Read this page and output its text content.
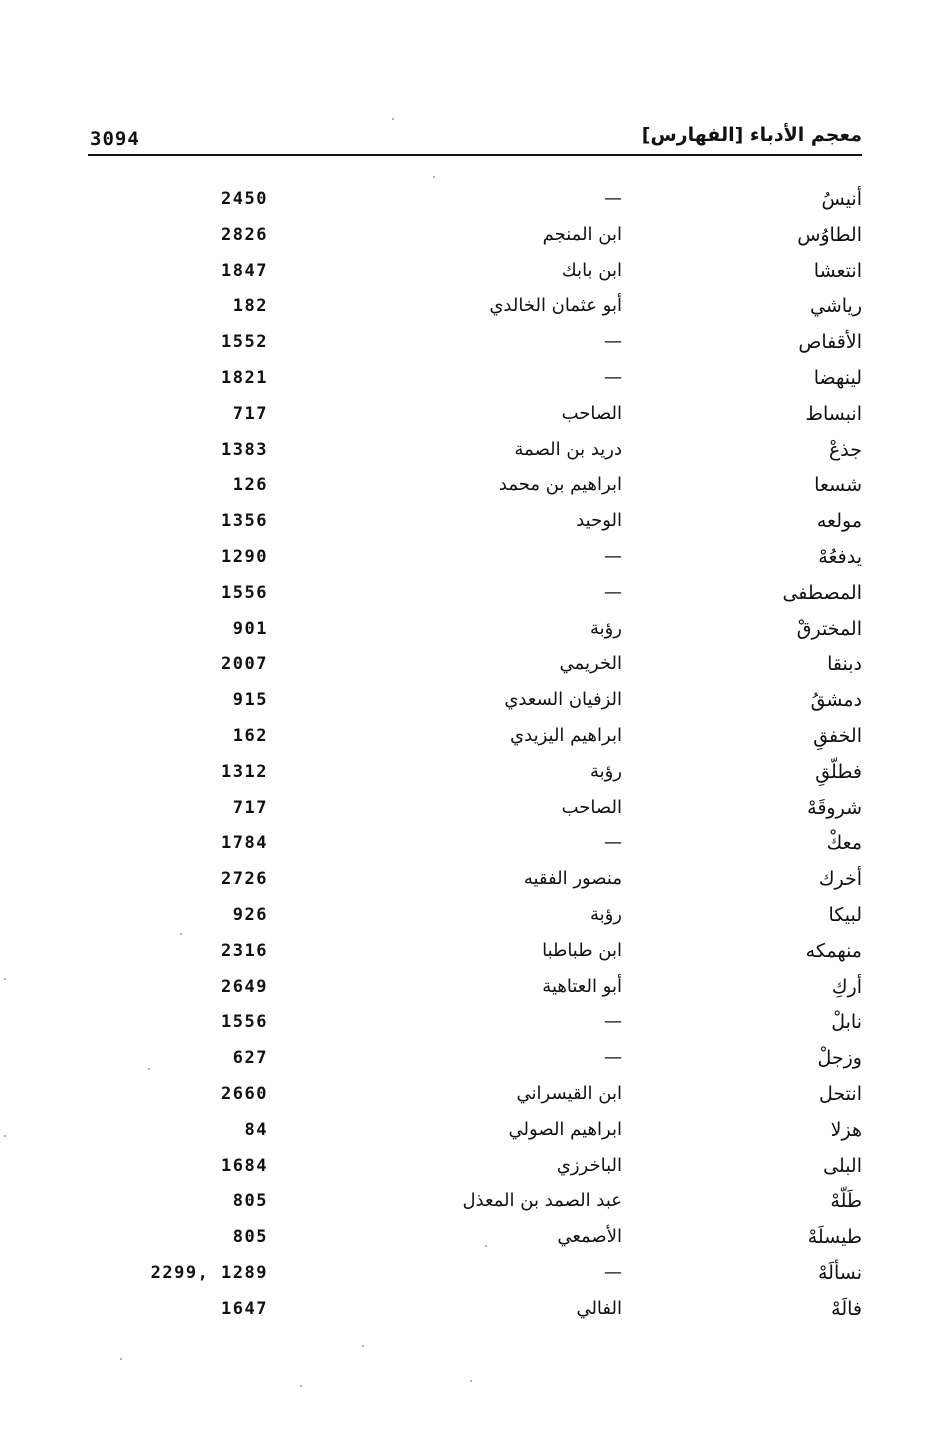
3094	معجم الأدباء [الفهارس]
أنيسُ
—
2450
الطاوُس
ابن المنجم
2826
انتعشا
ابن بابك
1847
رياشي
أبو عثمان الخالدي
182
الأقفاص
—
1552
لينهضا
—
1821
انبساط
الصاحب
717
جذعْ
دريد بن الصمة
1383
شسعا
ابراهيم بن محمد
126
مولعه
الوحيد
1356
يدفعُهْ
—
1290
المصطفى
—
1556
المخترقْ
رؤبة
901
دبنقا
الخريمي
2007
دمشقُ
الزفيان السعدي
915
الخفقِ
ابراهيم اليزيدي
162
فطلّقِ
رؤبة
1312
شروقَهْ
الصاحب
717
معكْ
—
1784
أخرك
منصور الفقيه
2726
لبيكا
رؤبة
926
منهمكه
ابن طباطبا
2316
أركِ
أبو العتاهية
2649
نابلْ
—
1556
وزجلْ
—
627
انتحل
ابن القيسراني
2660
هزلا
ابراهيم الصولي
84
البلى
الباخرزي
1684
طَلّهْ
عبد الصمد بن المعذل
805
طيسلَهْ
الأصمعي
805
نسألَهْ
—
2299, 1289
فالَهْ
الفالي
1647
